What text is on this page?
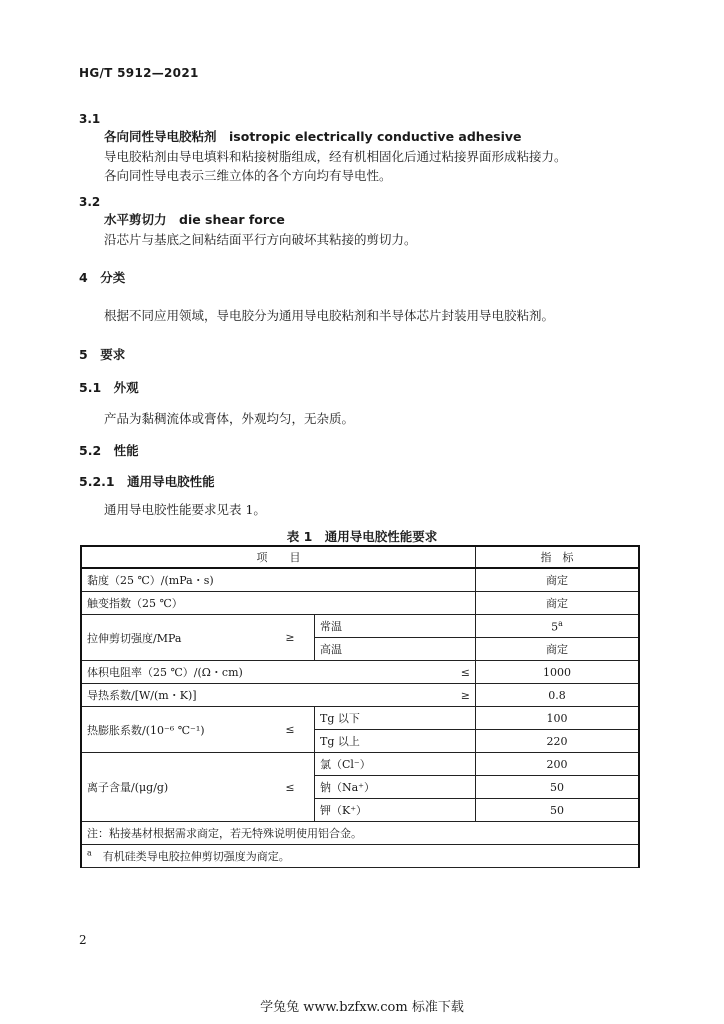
HG/T 5912—2021
3.1
各向同性导电胶粘剂　isotropic electrically conductive adhesive
导电胶粘剂由导电填料和粘接树脂组成，经有机相固化后通过粘接界面形成粘接力。
各向同性导电表示三维立体的各个方向均有导电性。
3.2
水平剪切力　die shear force
沿芯片与基底之间粘结面平行方向破坏其粘接的剪切力。
4　分类
根据不同应用领域，导电胶分为通用导电胶粘剂和半导体芯片封装用导电胶粘剂。
5　要求
5.1　外观
产品为黏稠流体或膏体，外观均匀，无杂质。
5.2　性能
5.2.1　通用导电胶性能
通用导电胶性能要求见表 1。
表 1 通用导电胶性能要求
项　　目			指　标
黏度（25 ℃）/(mPa・s)			商定
触变指数（25 ℃）			商定
拉伸剪切强度/MPa	≥	常温	5$^a$
		高温	商定
体积电阻率（25 ℃）/(Ω・cm)		≤	1000
导热系数/[W/(m・K)]		≥	0.8
热膨胀系数/(10⁻⁶ ℃⁻¹)	≤	Tg 以下	100
		Tg 以上	220
离子含量/(μg/g)	≤	氯（Cl⁻）	200
		钠（Na⁺）	50
		钾（K⁺）	50
注：粘接基材根据需求商定，若无特殊说明使用铝合金。			
$^a$　 有机硅类导电胶拉伸剪切强度为商定。			
2
学兔兔 www.bzfxw.com 标准下载
